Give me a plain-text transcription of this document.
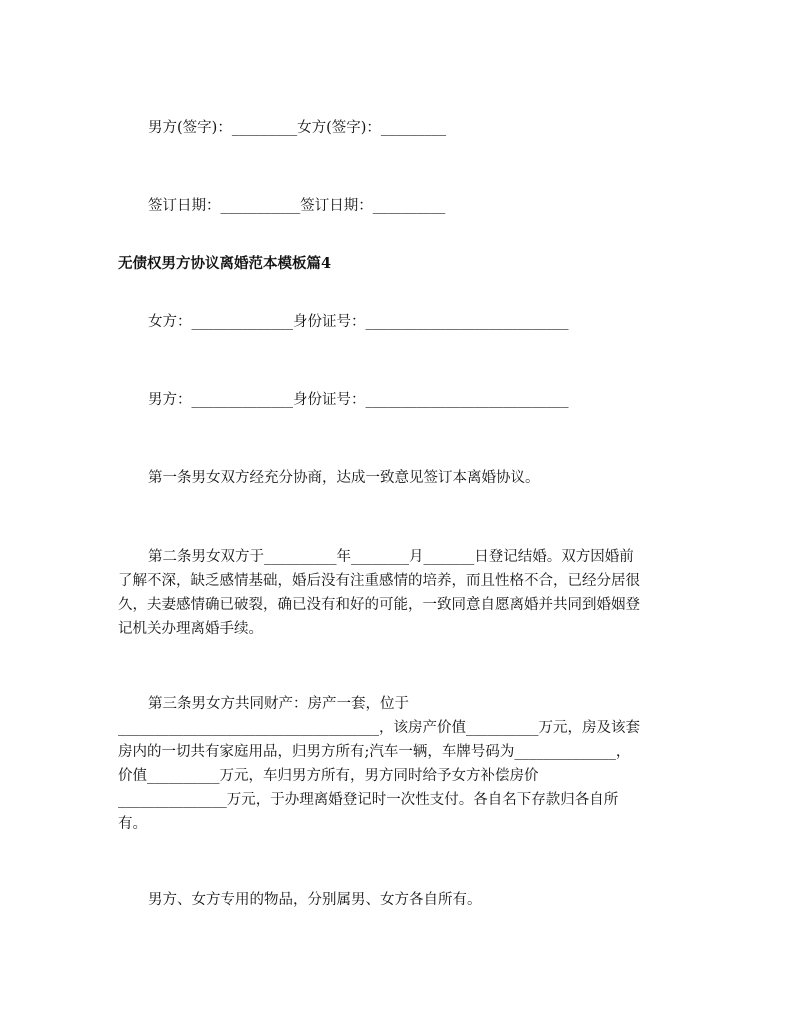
男方(签字)：_________女方(签字)：_________
签订日期：___________签订日期：__________
无债权男方协议离婚范本模板篇4
女方：______________身份证号：____________________________
男方：______________身份证号：____________________________
第一条男女双方经充分协商，达成一致意见签订本离婚协议。
第二条男女双方于__________年________月_______日登记结婚。双方因婚前
了解不深，缺乏感情基础，婚后没有注重感情的培养，而且性格不合，已经分居很
久，夫妻感情确已破裂，确已没有和好的可能，一致同意自愿离婚并共同到婚姻登
记机关办理离婚手续。
第三条男女方共同财产：房产一套，位于
____________________________________，该房产价值__________万元，房及该套
房内的一切共有家庭用品，归男方所有;汽车一辆，车牌号码为______________，
价值__________万元，车归男方所有，男方同时给予女方补偿房价
_______________万元，于办理离婚登记时一次性支付。各自名下存款归各自所
有。
男方、女方专用的物品，分别属男、女方各自所有。
